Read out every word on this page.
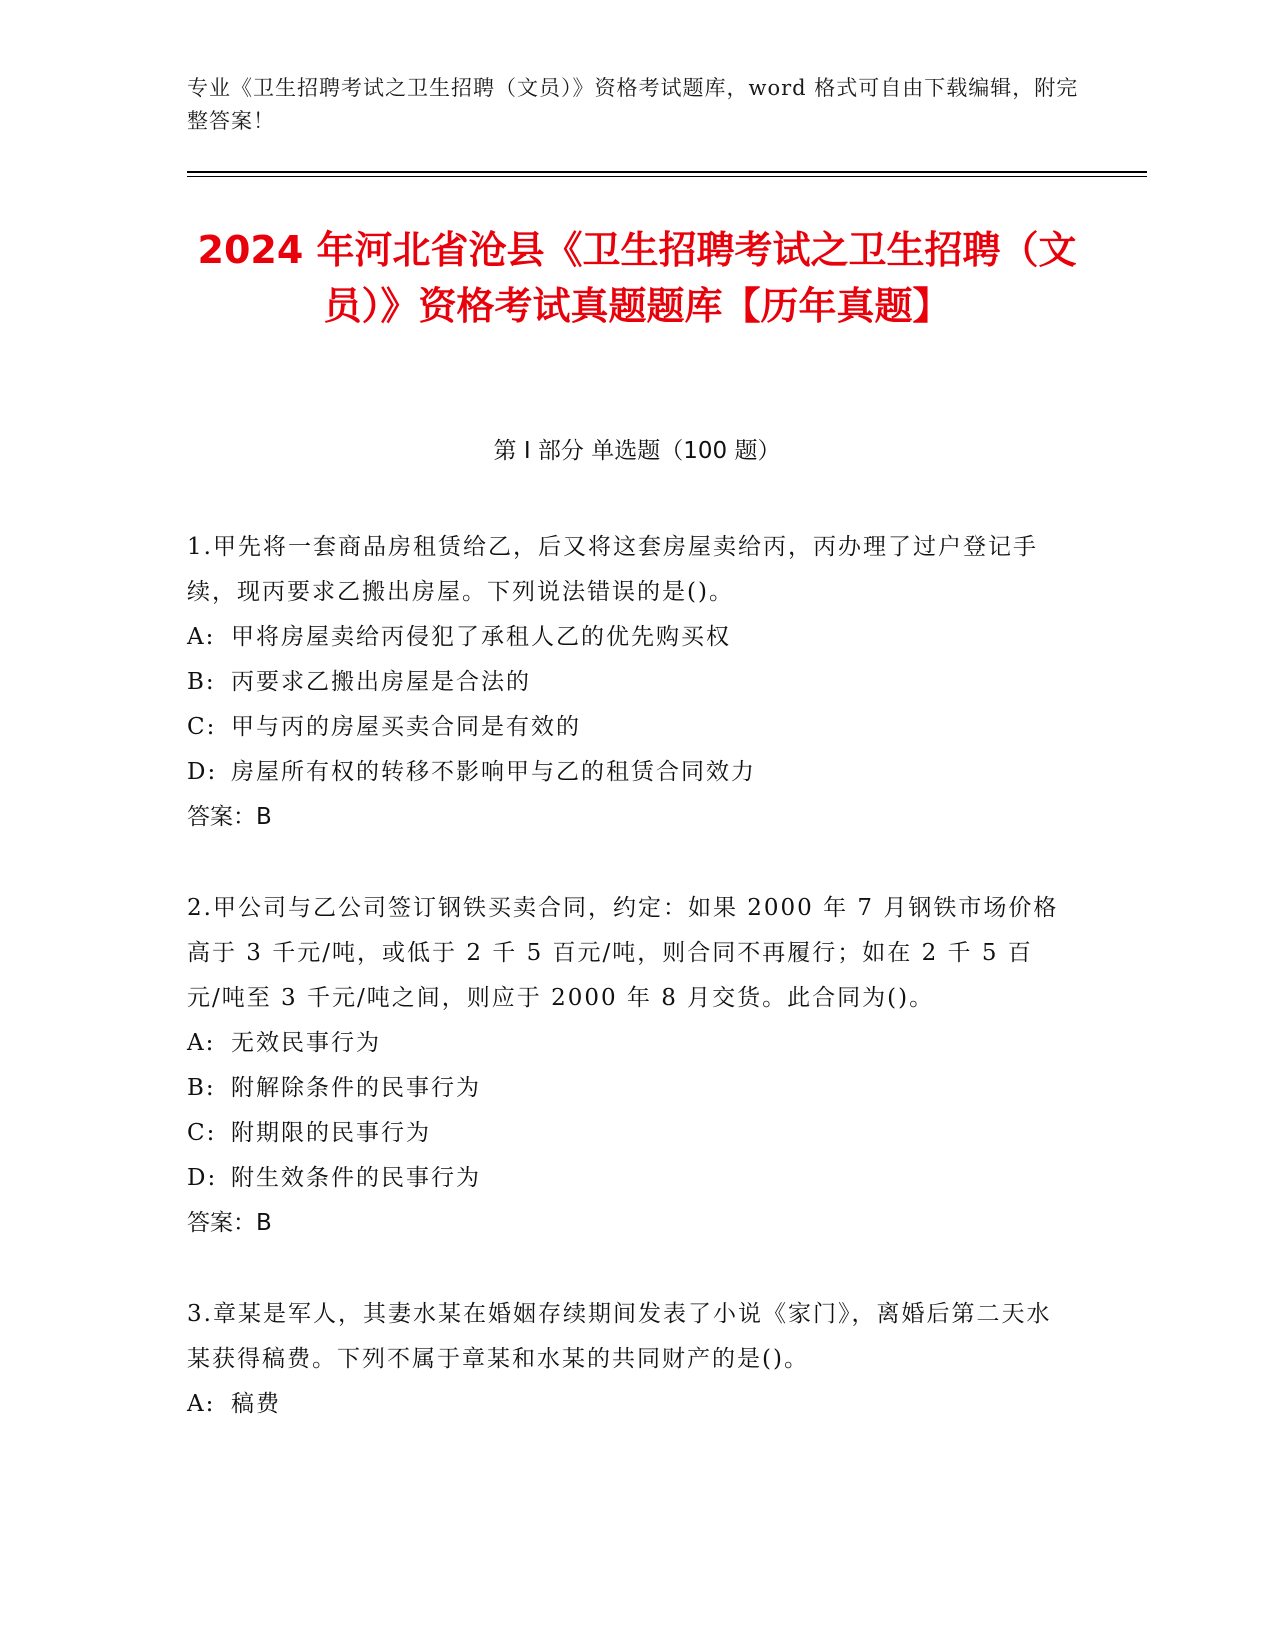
专业《卫生招聘考试之卫生招聘（文员）》资格考试题库，word 格式可自由下载编辑，附完整答案！
2024 年河北省沧县《卫生招聘考试之卫生招聘（文员）》资格考试真题题库【历年真题】
第 I 部分 单选题（100 题）

1.甲先将一套商品房租赁给乙，后又将这套房屋卖给丙，丙办理了过户登记手续，现丙要求乙搬出房屋。下列说法错误的是()。

A: 甲将房屋卖给丙侵犯了承租人乙的优先购买权

B: 丙要求乙搬出房屋是合法的

C: 甲与丙的房屋买卖合同是有效的

D: 房屋所有权的转移不影响甲与乙的租赁合同效力

答案：B

2.甲公司与乙公司签订钢铁买卖合同，约定：如果 2000 年 7 月钢铁市场价格高于 3 千元/吨，或低于 2 千 5 百元/吨，则合同不再履行；如在 2 千 5 百元/吨至 3 千元/吨之间，则应于 2000 年 8 月交货。此合同为()。

A: 无效民事行为

B: 附解除条件的民事行为

C: 附期限的民事行为

D: 附生效条件的民事行为

答案：B

3.章某是军人，其妻水某在婚姻存续期间发表了小说《家门》，离婚后第二天水某获得稿费。下列不属于章某和水某的共同财产的是()。

A: 稿费
